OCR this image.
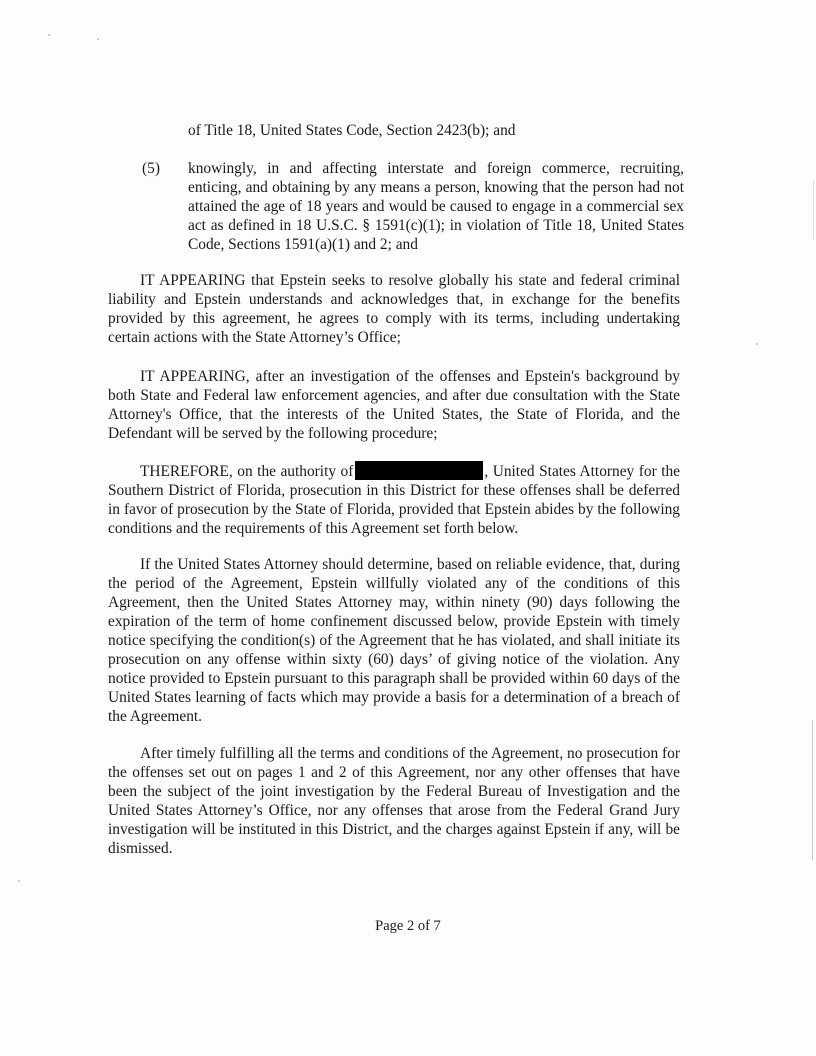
of Title 18, United States Code, Section 2423(b); and
(5)	knowingly, in and affecting interstate and foreign commerce, recruiting, enticing, and obtaining by any means a person, knowing that the person had not attained the age of 18 years and would be caused to engage in a commercial sex act as defined in 18 U.S.C. § 1591(c)(1); in violation of Title 18, United States Code, Sections 1591(a)(1) and 2; and
IT APPEARING that Epstein seeks to resolve globally his state and federal criminal liability and Epstein understands and acknowledges that, in exchange for the benefits provided by this agreement, he agrees to comply with its terms, including undertaking certain actions with the State Attorney’s Office;
IT APPEARING, after an investigation of the offenses and Epstein's background by both State and Federal law enforcement agencies, and after due consultation with the State Attorney's Office, that the interests of the United States, the State of Florida, and the Defendant will be served by the following procedure;
THEREFORE, on the authority of	, United States Attorney for the Southern District of Florida, prosecution in this District for these offenses shall be deferred in favor of prosecution by the State of Florida, provided that Epstein abides by the following conditions and the requirements of this Agreement set forth below.
If the United States Attorney should determine, based on reliable evidence, that, during the period of the Agreement, Epstein willfully violated any of the conditions of this Agreement, then the United States Attorney may, within ninety (90) days following the expiration of the term of home confinement discussed below, provide Epstein with timely notice specifying the condition(s) of the Agreement that he has violated, and shall initiate its prosecution on any offense within sixty (60) days’ of giving notice of the violation. Any notice provided to Epstein pursuant to this paragraph shall be provided within 60 days of the United States learning of facts which may provide a basis for a determination of a breach of the Agreement.
After timely fulfilling all the terms and conditions of the Agreement, no prosecution for the offenses set out on pages 1 and 2 of this Agreement, nor any other offenses that have been the subject of the joint investigation by the Federal Bureau of Investigation and the United States Attorney’s Office, nor any offenses that arose from the Federal Grand Jury investigation will be instituted in this District, and the charges against Epstein if any, will be dismissed.
Page 2 of 7
